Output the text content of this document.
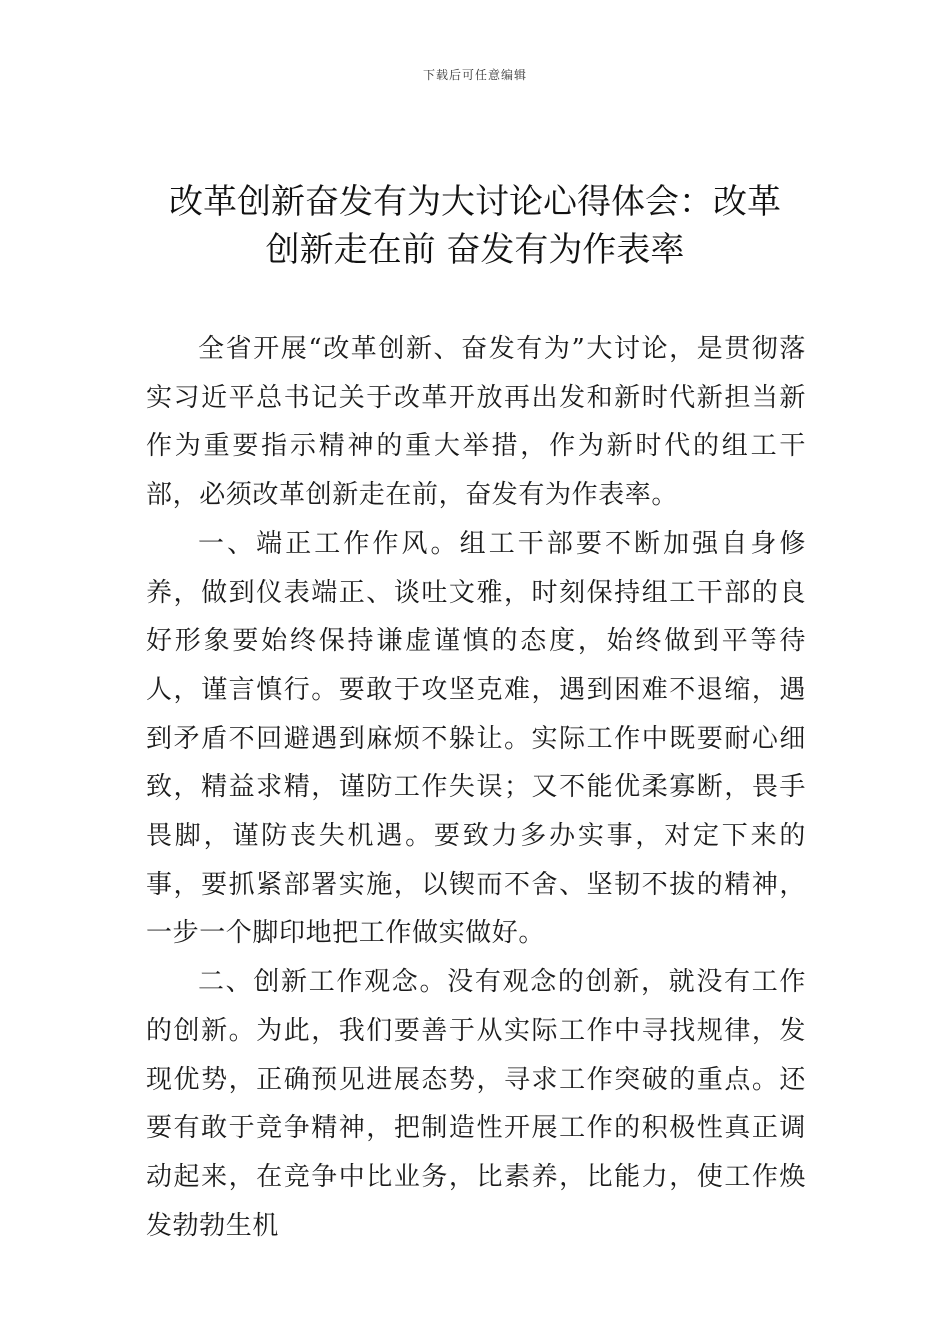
下载后可任意编辑
改革创新奋发有为大讨论心得体会：改革
创新走在前 奋发有为作表率

全省开展“改革创新、奋发有为”大讨论，是贯彻落实习近平总书记关于改革开放再出发和新时代新担当新作为重要指示精神的重大举措，作为新时代的组工干部，必须改革创新走在前，奋发有为作表率。

一、端正工作作风。组工干部要不断加强自身修养，做到仪表端正、谈吐文雅，时刻保持组工干部的良好形象要始终保持谦虚谨慎的态度，始终做到平等待人，谨言慎行。要敢于攻坚克难，遇到困难不退缩，遇到矛盾不回避遇到麻烦不躲让。实际工作中既要耐心细致，精益求精，谨防工作失误；又不能优柔寡断，畏手畏脚，谨防丧失机遇。要致力多办实事，对定下来的事，要抓紧部署实施，以锲而不舍、坚韧不拔的精神，一步一个脚印地把工作做实做好。

二、创新工作观念。没有观念的创新，就没有工作的创新。为此，我们要善于从实际工作中寻找规律，发现优势，正确预见进展态势，寻求工作突破的重点。还要有敢于竞争精神，把制造性开展工作的积极性真正调动起来，在竞争中比业务，比素养，比能力，使工作焕发勃勃生机
